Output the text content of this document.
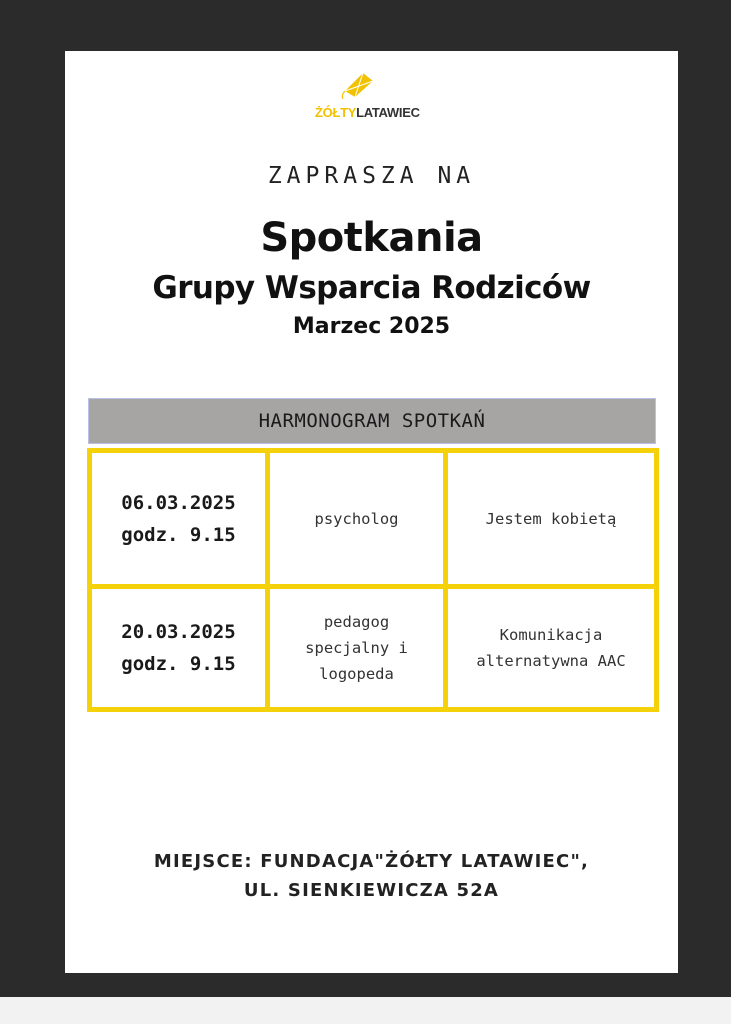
ŻÓŁTYLATAWIEC
ZAPRASZA NA
Spotkania
Grupy Wsparcia Rodziców
Marzec 2025
HARMONOGRAM SPOTKAŃ
06.03.2025
godz. 9.15
psycholog	Jestem kobietą
20.03.2025
godz. 9.15
pedagog
specjalny i
logopeda
Komunikacja
alternatywna AAC
MIEJSCE: FUNDACJA"ŻÓŁTY LATAWIEC",
UL. SIENKIEWICZA 52A
